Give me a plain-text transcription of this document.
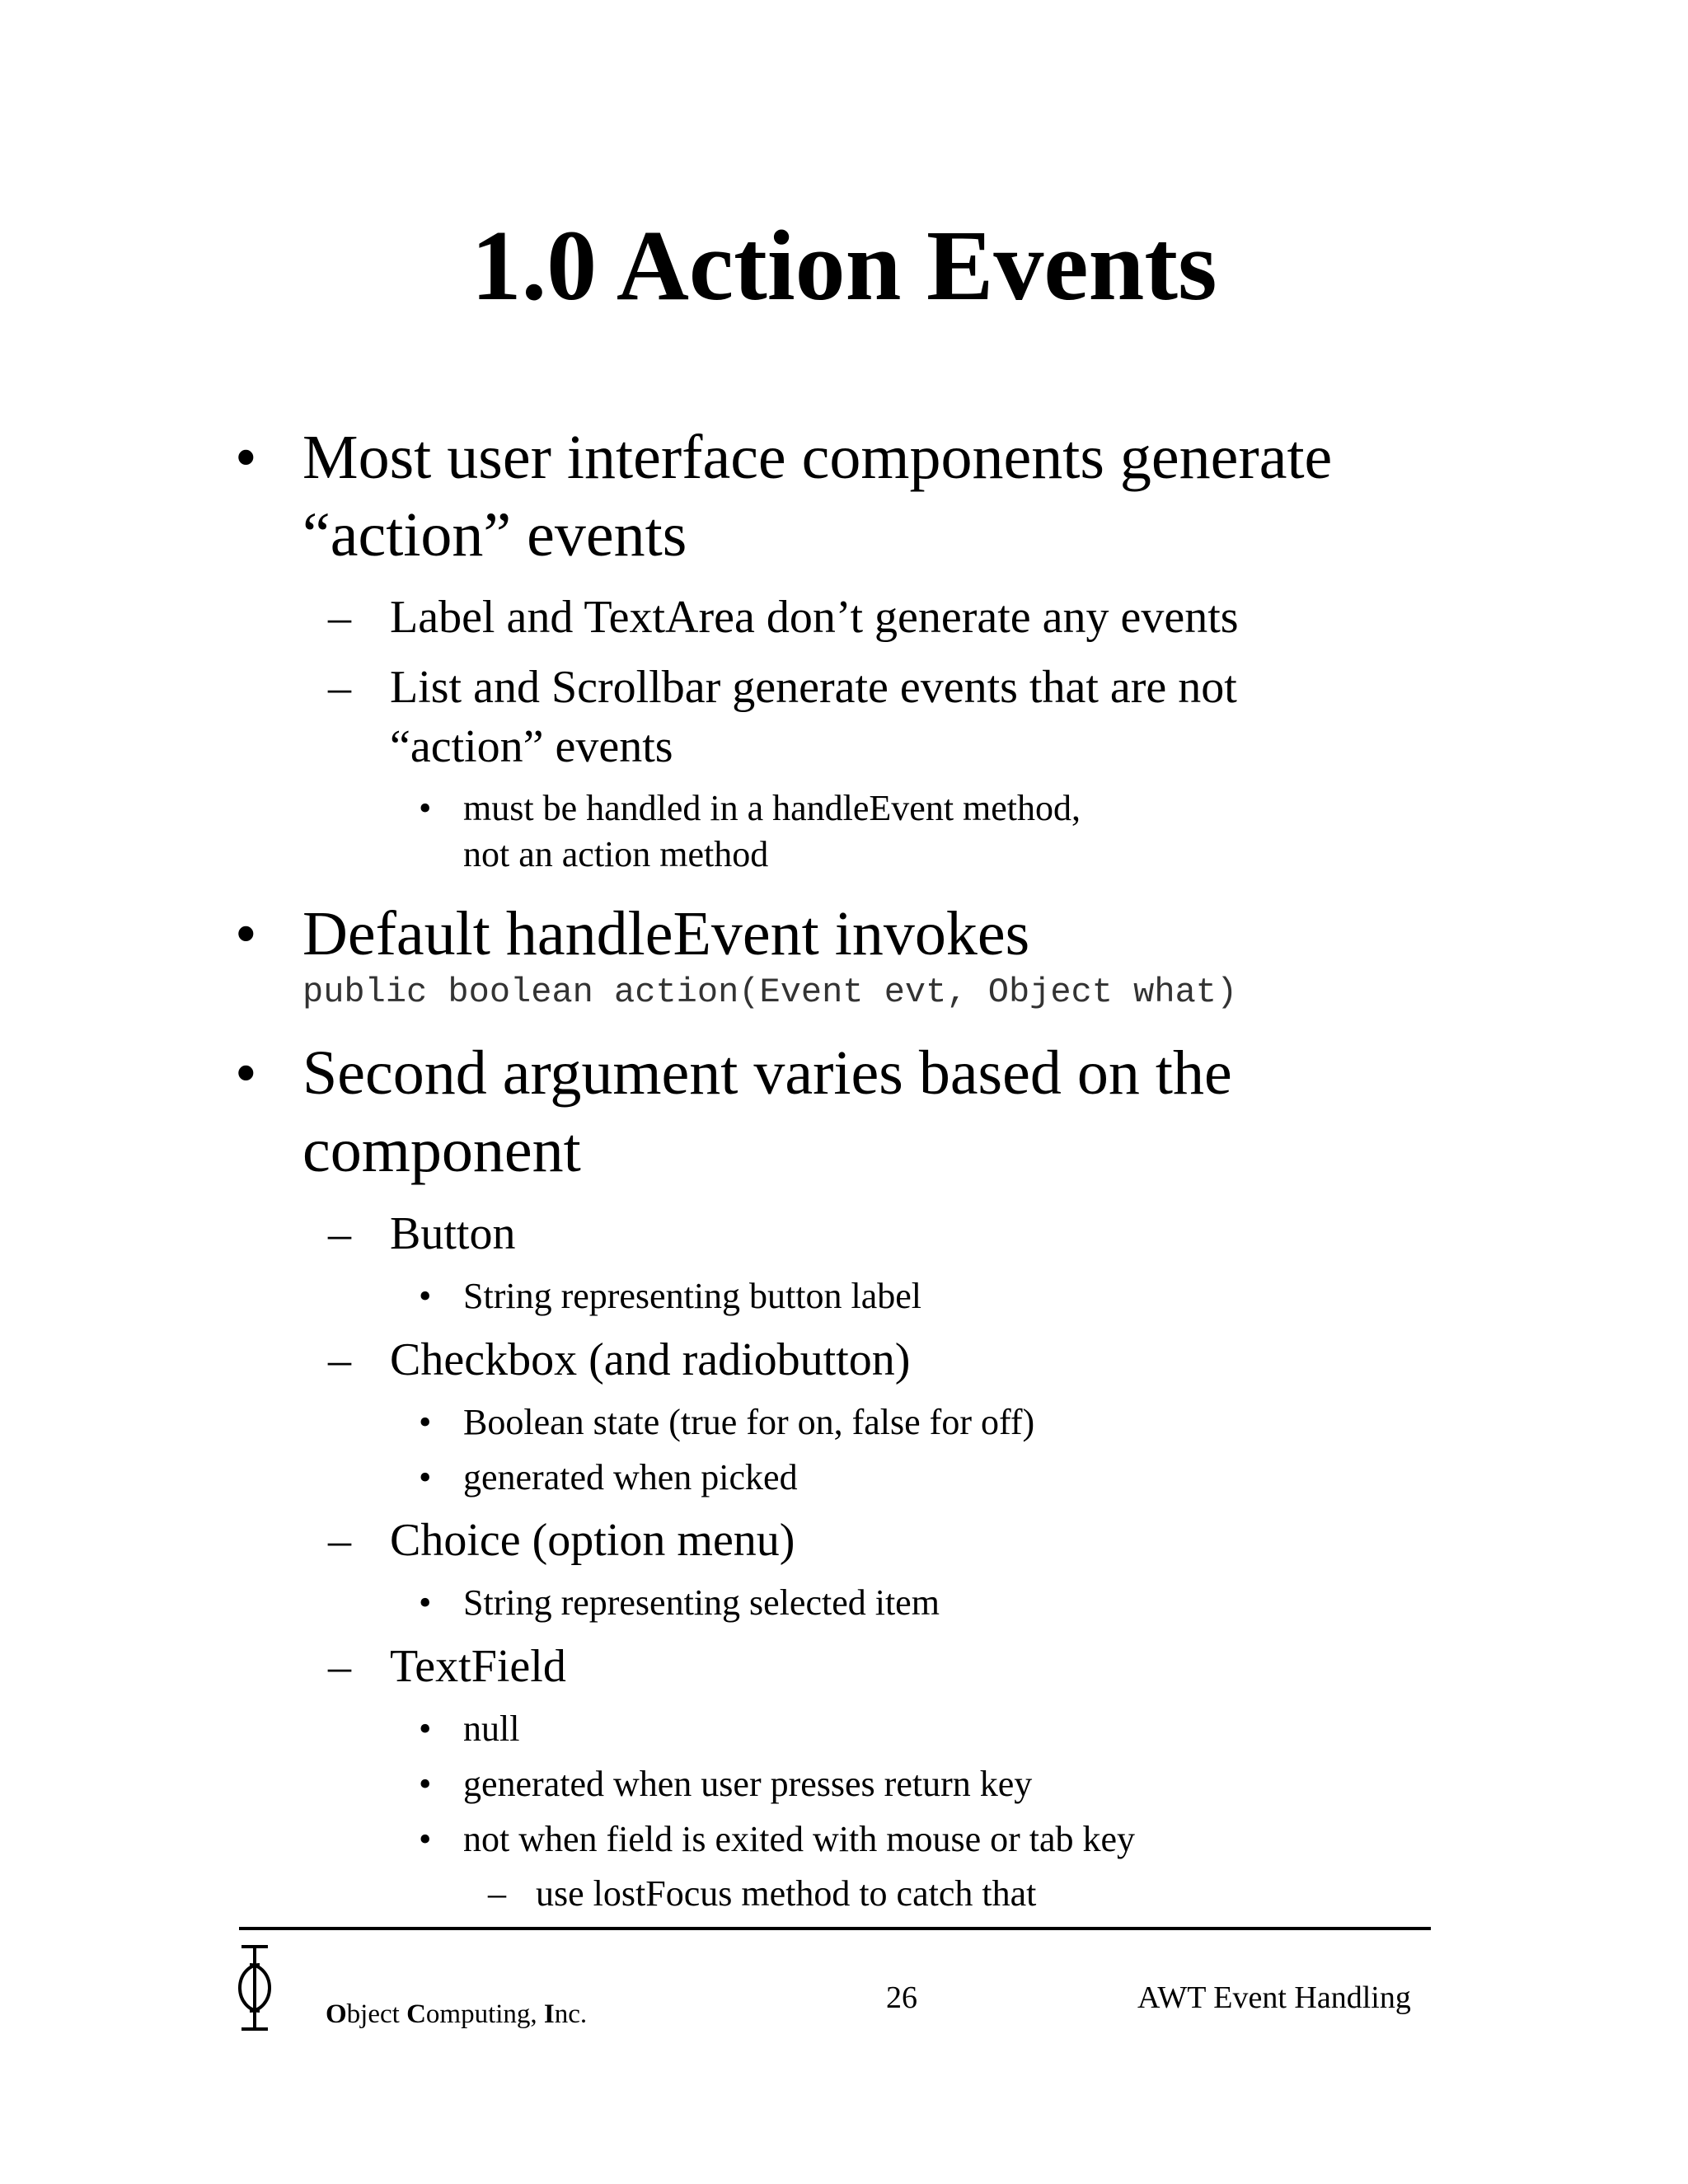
1.0 Action Events
• Most user interface components generate
“action” events
– Label and TextArea don’t generate any events
– List and Scrollbar generate events that are not
“action” events
• must be handled in a handleEvent method,
not an action method
• Default handleEvent invokes
public boolean action(Event evt, Object what)
• Second argument varies based on the
component
– Button
• String representing button label
– Checkbox (and radiobutton)
• Boolean state (true for on, false for off)
• generated when picked
– Choice (option menu)
• String representing selected item
– TextField
• null
• generated when user presses return key
• not when field is exited with mouse or tab key
– use lostFocus method to catch that
Object Computing, Inc.	26	AWT Event Handling
